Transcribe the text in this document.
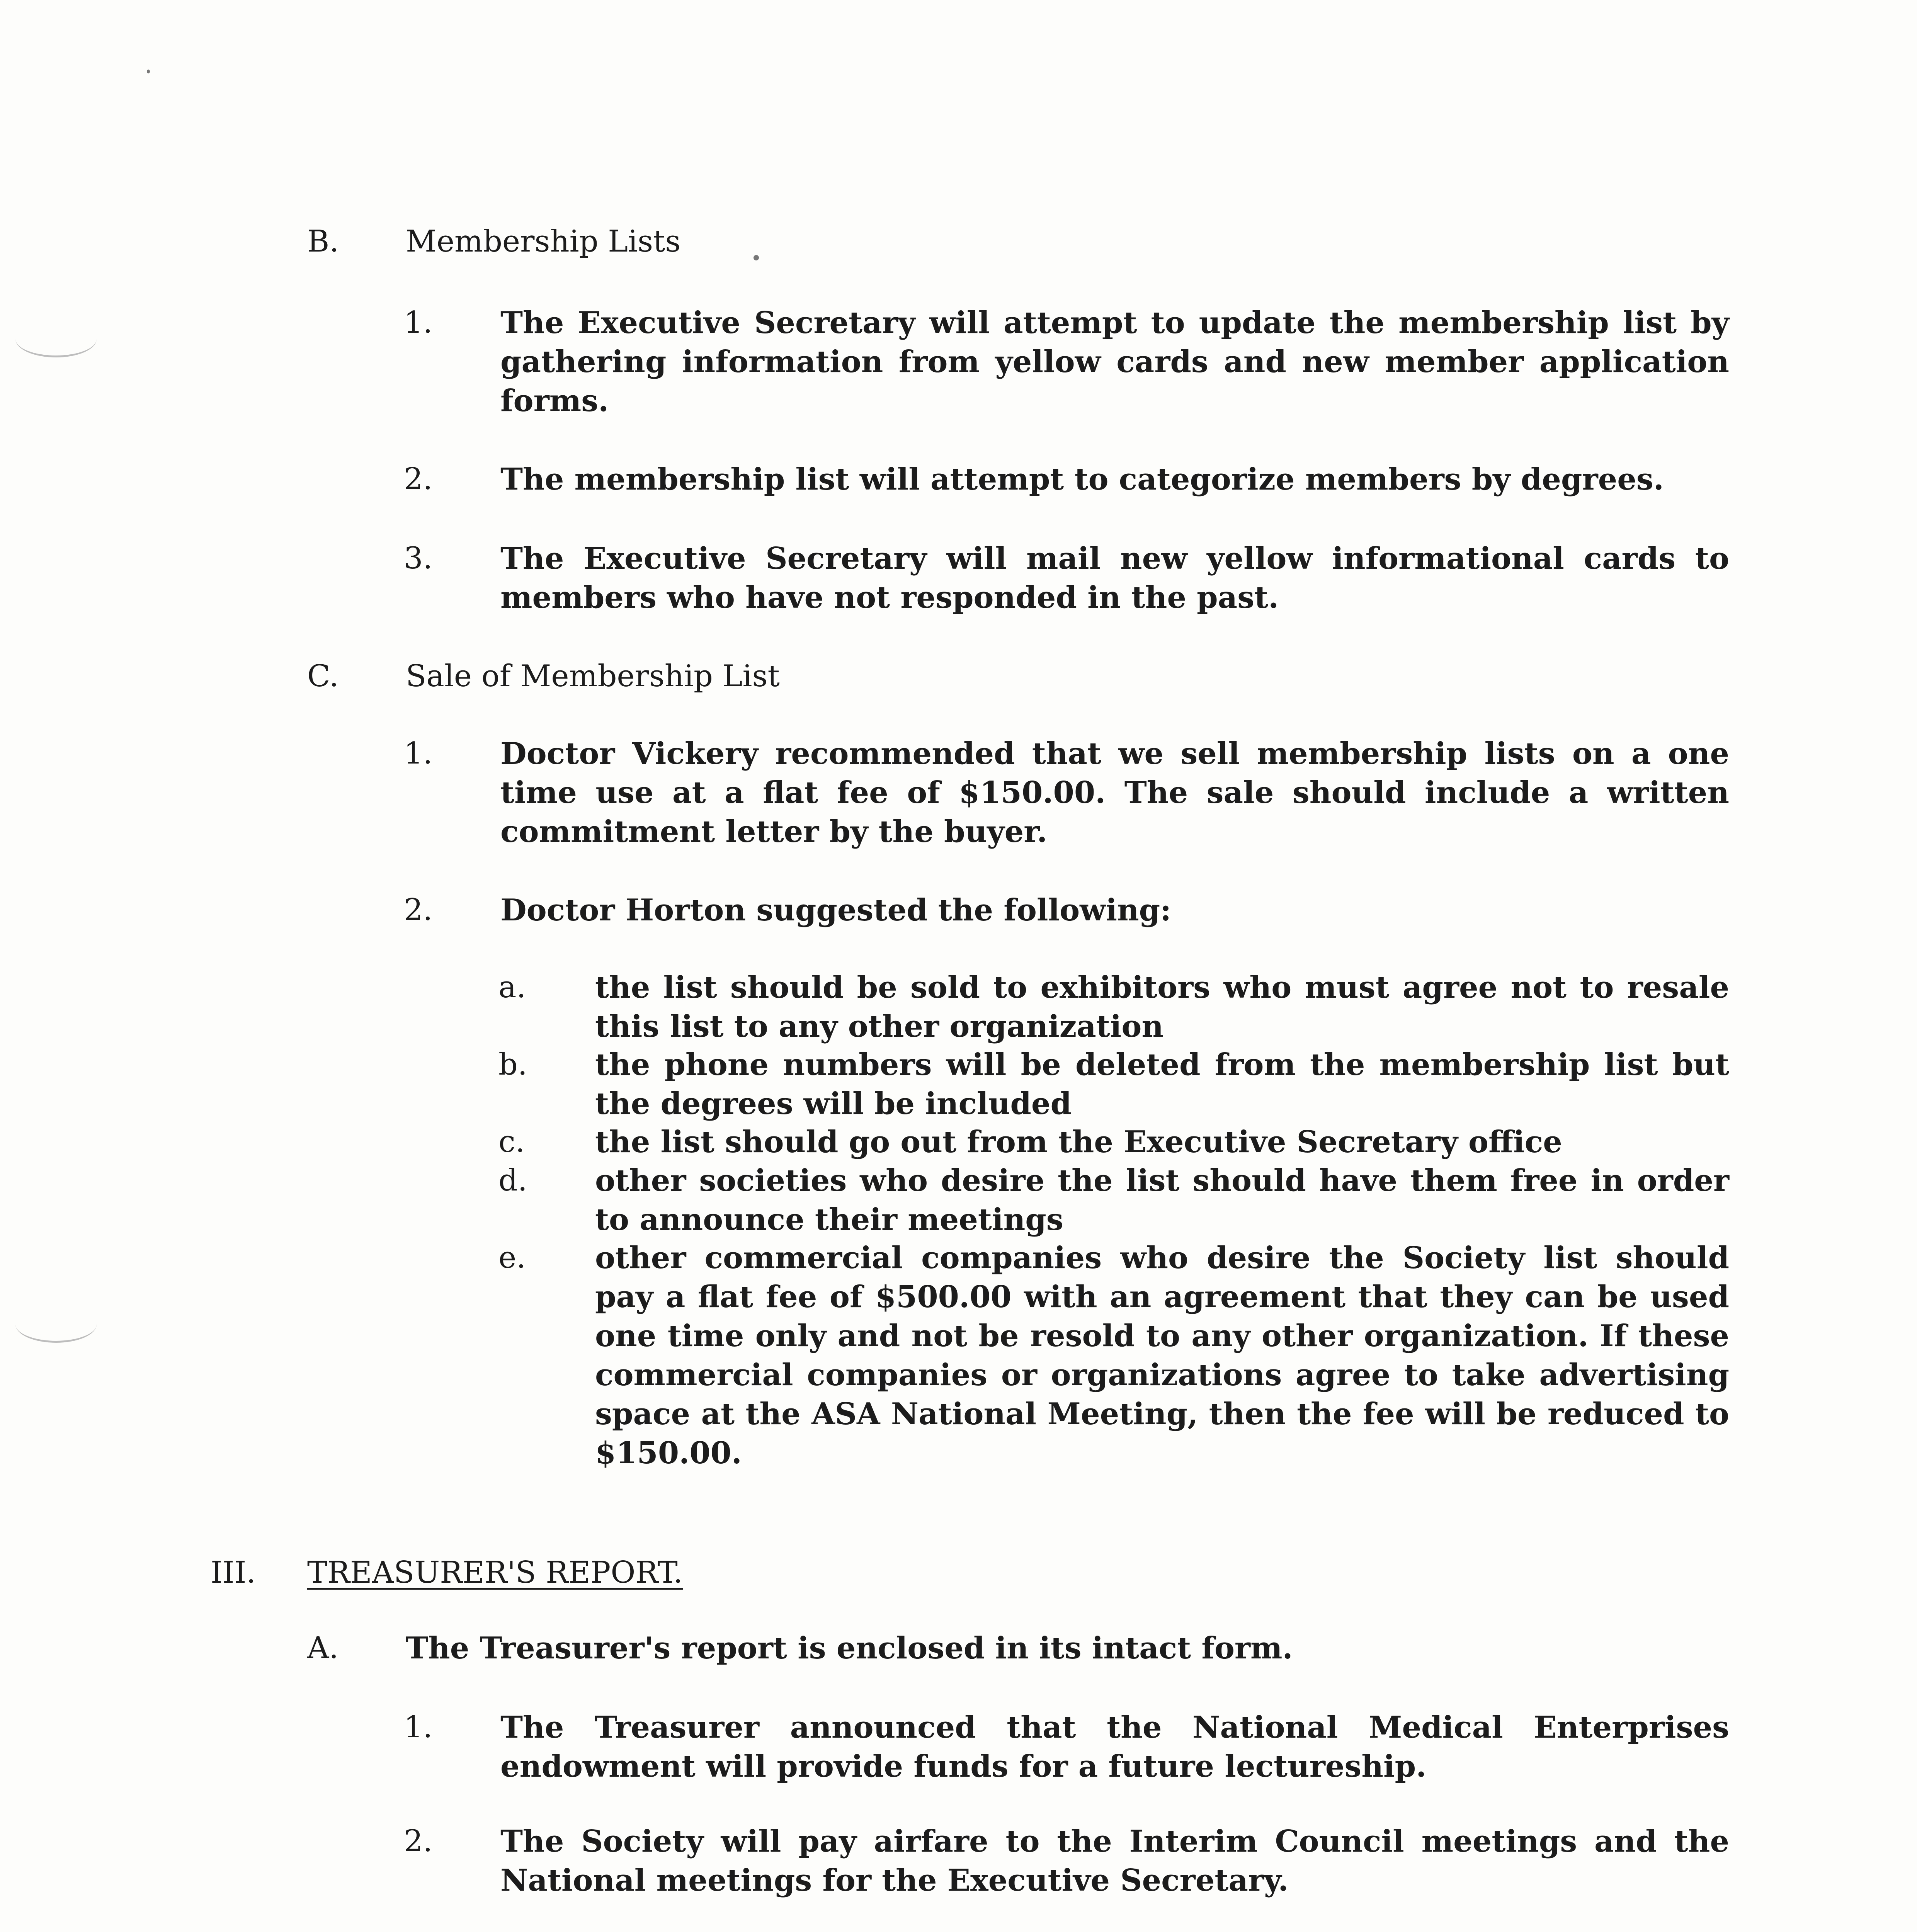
B. Membership Lists
1. The Executive Secretary will attempt to update the membership list by gathering information from yellow cards and new member application forms.
2. The membership list will attempt to categorize members by degrees.
3. The Executive Secretary will mail new yellow informational cards to members who have not responded in the past.
C. Sale of Membership List
1. Doctor Vickery recommended that we sell membership lists on a one time use at a flat fee of $150.00. The sale should include a written commitment letter by the buyer.
2. Doctor Horton suggested the following:
a. the list should be sold to exhibitors who must agree not to resale this list to any other organization
b. the phone numbers will be deleted from the membership list but the degrees will be included
c. the list should go out from the Executive Secretary office
d. other societies who desire the list should have them free in order to announce their meetings
e. other commercial companies who desire the Society list should pay a flat fee of $500.00 with an agreement that they can be used one time only and not be resold to any other organization. If these commercial companies or organizations agree to take advertising space at the ASA National Meeting, then the fee will be reduced to $150.00.
III. TREASURER'S REPORT.
A. The Treasurer's report is enclosed in its intact form.
1. The Treasurer announced that the National Medical Enterprises endowment will provide funds for a future lectureship.
2. The Society will pay airfare to the Interim Council meetings and the National meetings for the Executive Secretary.
